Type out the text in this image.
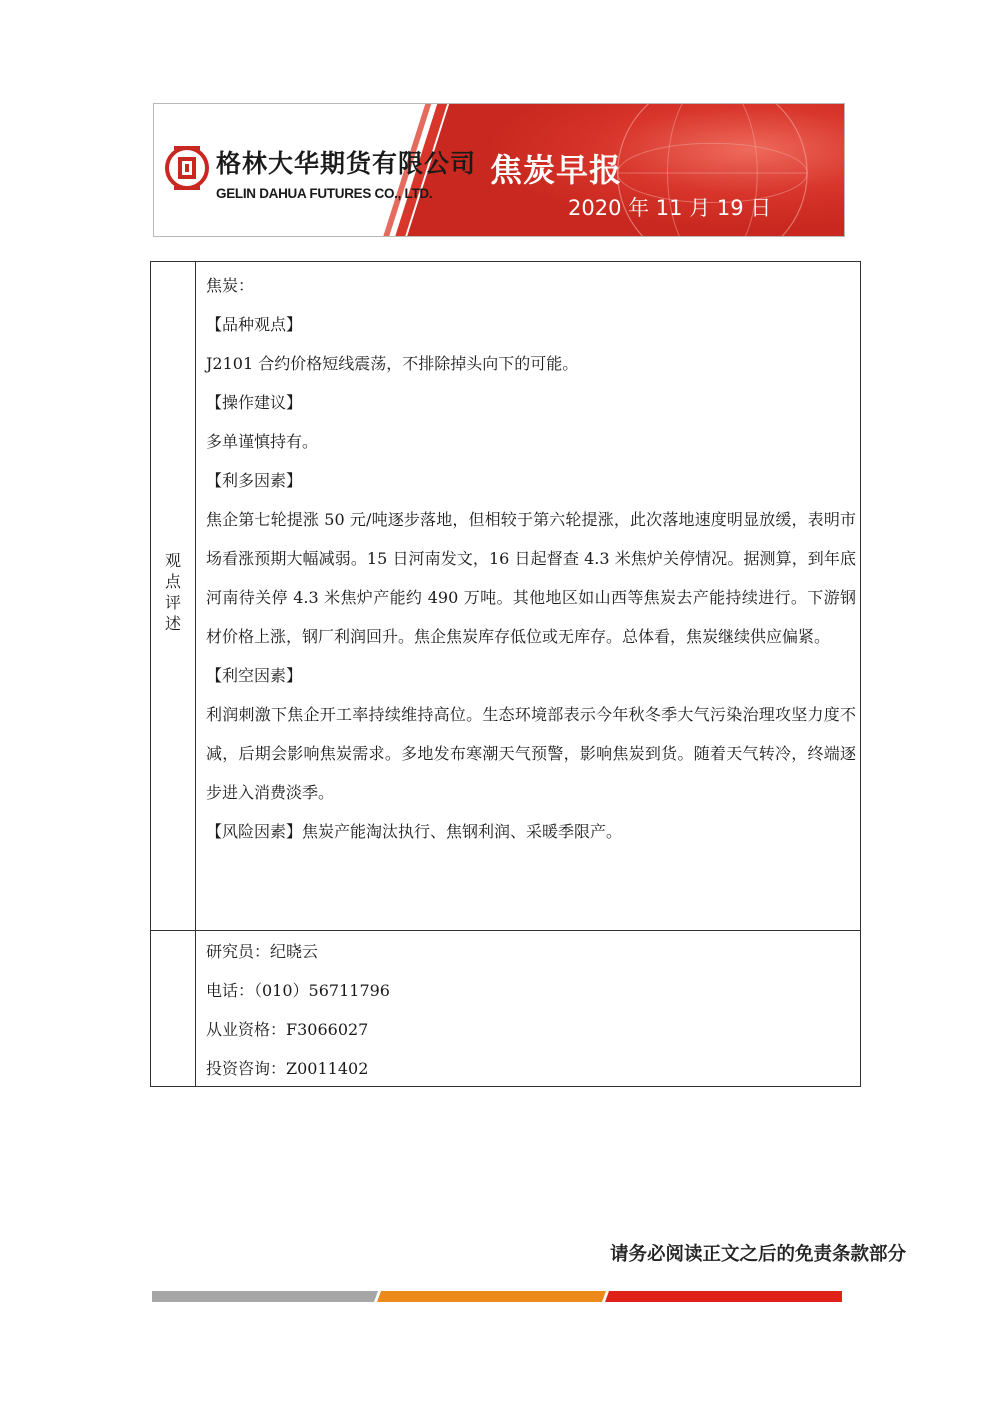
格林大华期货有限公司
GELIN DAHUA FUTURES CO., LTD.
焦炭早报
2020 年 11 月 19 日
观点评述

焦炭：

【品种观点】

J2101 合约价格短线震荡，不排除掉头向下的可能。

【操作建议】

多单谨慎持有。

【利多因素】

焦企第七轮提涨 50 元/吨逐步落地，但相较于第六轮提涨，此次落地速度明显放缓，表明市场看涨预期大幅减弱。15 日河南发文，16 日起督查 4.3 米焦炉关停情况。据测算，到年底河南待关停 4.3 米焦炉产能约 490 万吨。其他地区如山西等焦炭去产能持续进行。下游钢材价格上涨，钢厂利润回升。焦企焦炭库存低位或无库存。总体看，焦炭继续供应偏紧。

【利空因素】

利润刺激下焦企开工率持续维持高位。生态环境部表示今年秋冬季大气污染治理攻坚力度不减，后期会影响焦炭需求。多地发布寒潮天气预警，影响焦炭到货。随着天气转冷，终端逐步进入消费淡季。

【风险因素】焦炭产能淘汰执行、焦钢利润、采暖季限产。

研究员：纪晓云

电话：（010）56711796

从业资格：F3066027

投资咨询：Z0011402

请务必阅读正文之后的免责条款部分
